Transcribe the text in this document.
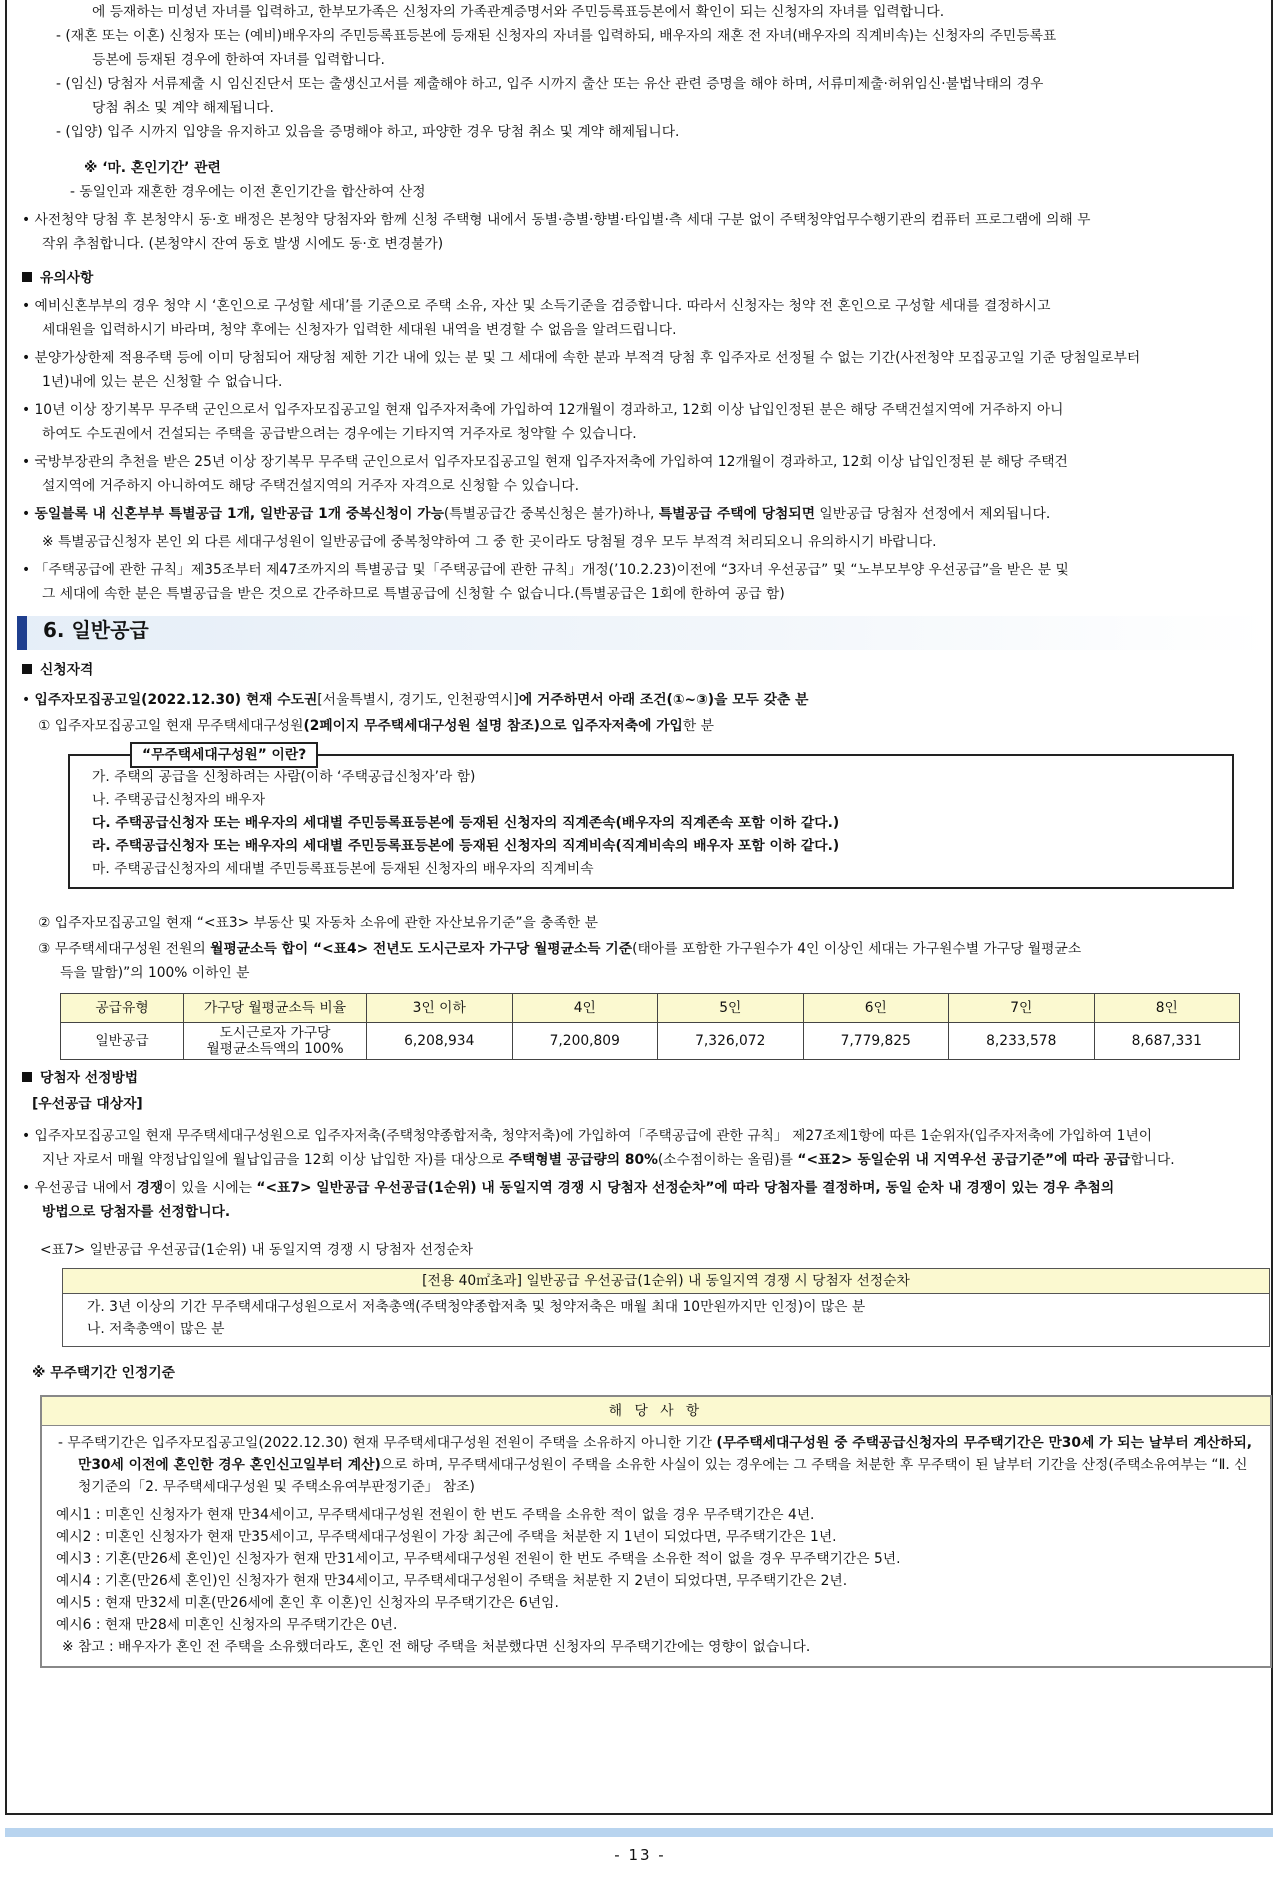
에 등재하는 미성년 자녀를 입력하고, 한부모가족은 신청자의 가족관계증명서와 주민등록표등본에서 확인이 되는 신청자의 자녀를 입력합니다.

- (재혼 또는 이혼) 신청자 또는 (예비)배우자의 주민등록표등본에 등재된 신청자의 자녀를 입력하되, 배우자의 재혼 전 자녀(배우자의 직계비속)는 신청자의 주민등록표

등본에 등재된 경우에 한하여 자녀를 입력합니다.

- (임신) 당첨자 서류제출 시 임신진단서 또는 출생신고서를 제출해야 하고, 입주 시까지 출산 또는 유산 관련 증명을 해야 하며, 서류미제출·허위임신·불법낙태의 경우

당첨 취소 및 계약 해제됩니다.

- (입양) 입주 시까지 입양을 유지하고 있음을 증명해야 하고, 파양한 경우 당첨 취소 및 계약 해제됩니다.

※ ‘마. 혼인기간’ 관련

- 동일인과 재혼한 경우에는 이전 혼인기간을 합산하여 산정

• 사전청약 당첨 후 본청약시 동·호 배정은 본청약 당첨자와 함께 신청 주택형 내에서 동별·층별·향별·타입별·측 세대 구분 없이 주택청약업무수행기관의 컴퓨터 프로그램에 의해 무

작위 추첨합니다. (본청약시 잔여 동호 발생 시에도 동·호 변경불가)

유의사항

• 예비신혼부부의 경우 청약 시 ‘혼인으로 구성할 세대’를 기준으로 주택 소유, 자산 및 소득기준을 검증합니다. 따라서 신청자는 청약 전 혼인으로 구성할 세대를 결정하시고

세대원을 입력하시기 바라며, 청약 후에는 신청자가 입력한 세대원 내역을 변경할 수 없음을 알려드립니다.

• 분양가상한제 적용주택 등에 이미 당첨되어 재당첨 제한 기간 내에 있는 분 및 그 세대에 속한 분과 부적격 당첨 후 입주자로 선정될 수 없는 기간(사전청약 모집공고일 기준 당첨일로부터

1년)내에 있는 분은 신청할 수 없습니다.

• 10년 이상 장기복무 무주택 군인으로서 입주자모집공고일 현재 입주자저축에 가입하여 12개월이 경과하고, 12회 이상 납입인정된 분은 해당 주택건설지역에 거주하지 아니

하여도 수도권에서 건설되는 주택을 공급받으려는 경우에는 기타지역 거주자로 청약할 수 있습니다.

• 국방부장관의 추천을 받은 25년 이상 장기복무 무주택 군인으로서 입주자모집공고일 현재 입주자저축에 가입하여 12개월이 경과하고, 12회 이상 납입인정된 분 해당 주택건

설지역에 거주하지 아니하여도 해당 주택건설지역의 거주자 자격으로 신청할 수 있습니다.

• 동일블록 내 신혼부부 특별공급 1개, 일반공급 1개 중복신청이 가능(특별공급간 중복신청은 불가)하나, 특별공급 주택에 당첨되면 일반공급 당첨자 선정에서 제외됩니다.

※ 특별공급신청자 본인 외 다른 세대구성원이 일반공급에 중복청약하여 그 중 한 곳이라도 당첨될 경우 모두 부적격 처리되오니 유의하시기 바랍니다.

• 「주택공급에 관한 규칙」제35조부터 제47조까지의 특별공급 및「주택공급에 관한 규칙」개정(’10.2.23)이전에 “3자녀 우선공급” 및 “노부모부양 우선공급”을 받은 분 및

그 세대에 속한 분은 특별공급을 받은 것으로 간주하므로 특별공급에 신청할 수 없습니다.(특별공급은 1회에 한하여 공급 함)

6. 일반공급

신청자격

• 입주자모집공고일(2022.12.30) 현재 수도권[서울특별시, 경기도, 인천광역시]에 거주하면서 아래 조건(①~③)을 모두 갖춘 분

① 입주자모집공고일 현재 무주택세대구성원(2페이지 무주택세대구성원 설명 참조)으로 입주자저축에 가입한 분

“무주택세대구성원” 이란?

가. 주택의 공급을 신청하려는 사람(이하 ‘주택공급신청자’라 함)

나. 주택공급신청자의 배우자

다. 주택공급신청자 또는 배우자의 세대별 주민등록표등본에 등재된 신청자의 직계존속(배우자의 직계존속 포함 이하 같다.)

라. 주택공급신청자 또는 배우자의 세대별 주민등록표등본에 등재된 신청자의 직계비속(직계비속의 배우자 포함 이하 같다.)

마. 주택공급신청자의 세대별 주민등록표등본에 등재된 신청자의 배우자의 직계비속

② 입주자모집공고일 현재 “<표3> 부동산 및 자동차 소유에 관한 자산보유기준”을 충족한 분

③ 무주택세대구성원 전원의 월평균소득 합이 “<표4> 전년도 도시근로자 가구당 월평균소득 기준(태아를 포함한 가구원수가 4인 이상인 세대는 가구원수별 가구당 월평균소

득을 말함)”의 100% 이하인 분

공급유형	가구당 월평균소득 비율	3인 이하	4인	5인	6인	7인	8인
일반공급	도시근로자 가구당
월평균소득액의 100%	6,208,934	7,200,809	7,326,072	7,779,825	8,233,578	8,687,331

당첨자 선정방법

[우선공급 대상자]

• 입주자모집공고일 현재 무주택세대구성원으로 입주자저축(주택청약종합저축, 청약저축)에 가입하여「주택공급에 관한 규칙」 제27조제1항에 따른 1순위자(입주자저축에 가입하여 1년이

지난 자로서 매월 약정납입일에 월납입금을 12회 이상 납입한 자)를 대상으로 주택형별 공급량의 80%(소수점이하는 올림)를 “<표2> 동일순위 내 지역우선 공급기준”에 따라 공급합니다.

• 우선공급 내에서 경쟁이 있을 시에는 “<표7> 일반공급 우선공급(1순위) 내 동일지역 경쟁 시 당첨자 선정순차”에 따라 당첨자를 결정하며, 동일 순차 내 경쟁이 있는 경우 추첨의

방법으로 당첨자를 선정합니다.

<표7> 일반공급 우선공급(1순위) 내 동일지역 경쟁 시 당첨자 선정순차

[전용 40㎡초과] 일반공급 우선공급(1순위) 내 동일지역 경쟁 시 당첨자 선정순차

가. 3년 이상의 기간 무주택세대구성원으로서 저축총액(주택청약종합저축 및 청약저축은 매월 최대 10만원까지만 인정)이 많은 분

나. 저축총액이 많은 분

※ 무주택기간 인정기준

해 당 사 항

- 무주택기간은 입주자모집공고일(2022.12.30) 현재 무주택세대구성원 전원이 주택을 소유하지 아니한 기간 (무주택세대구성원 중 주택공급신청자의 무주택기간은 만30세 가 되는 날부터 계산하되, 만30세 이전에 혼인한 경우 혼인신고일부터 계산)으로 하며, 무주택세대구성원이 주택을 소유한 사실이 있는 경우에는 그 주택을 처분한 후 무주택이 된 날부터 기간을 산정(주택소유여부는 “Ⅱ. 신청기준의「2. 무주택세대구성원 및 주택소유여부판정기준」 참조)

예시1 : 미혼인 신청자가 현재 만34세이고, 무주택세대구성원 전원이 한 번도 주택을 소유한 적이 없을 경우 무주택기간은 4년.

예시2 : 미혼인 신청자가 현재 만35세이고, 무주택세대구성원이 가장 최근에 주택을 처분한 지 1년이 되었다면, 무주택기간은 1년.

예시3 : 기혼(만26세 혼인)인 신청자가 현재 만31세이고, 무주택세대구성원 전원이 한 번도 주택을 소유한 적이 없을 경우 무주택기간은 5년.

예시4 : 기혼(만26세 혼인)인 신청자가 현재 만34세이고, 무주택세대구성원이 주택을 처분한 지 2년이 되었다면, 무주택기간은 2년.

예시5 : 현재 만32세 미혼(만26세에 혼인 후 이혼)인 신청자의 무주택기간은 6년임.

예시6 : 현재 만28세 미혼인 신청자의 무주택기간은 0년.

※ 참고 : 배우자가 혼인 전 주택을 소유했더라도, 혼인 전 해당 주택을 처분했다면 신청자의 무주택기간에는 영향이 없습니다.

- 13 -
